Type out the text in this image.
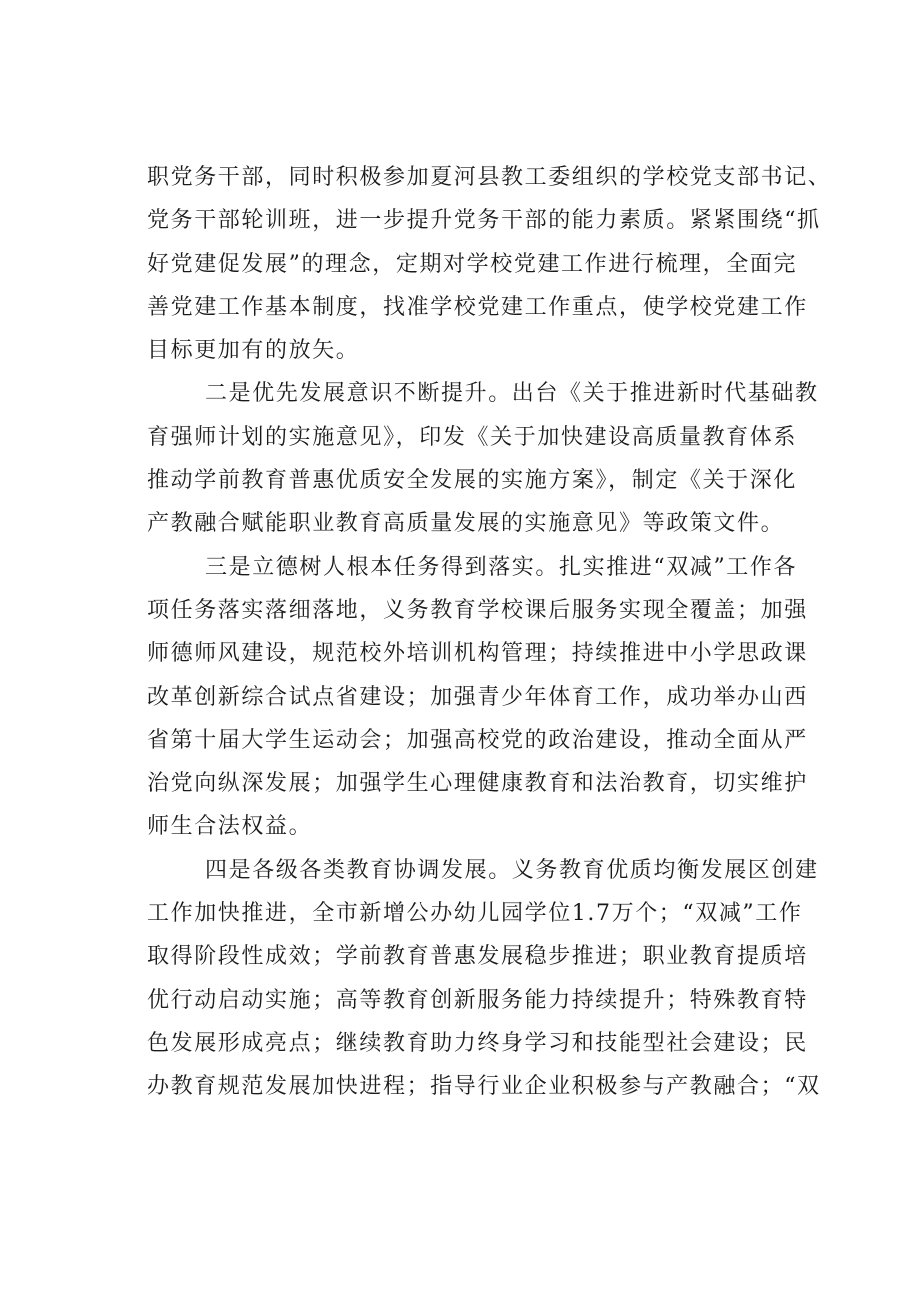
职党务干部，同时积极参加夏河县教工委组织的学校党支部书记、
党务干部轮训班，进一步提升党务干部的能力素质。紧紧围绕“抓
好党建促发展”的理念，定期对学校党建工作进行梳理，全面完
善党建工作基本制度，找准学校党建工作重点，使学校党建工作
目标更加有的放矢。
二是优先发展意识不断提升。出台《关于推进新时代基础教
育强师计划的实施意见》，印发《关于加快建设高质量教育体系
推动学前教育普惠优质安全发展的实施方案》，制定《关于深化
产教融合赋能职业教育高质量发展的实施意见》等政策文件。
三是立德树人根本任务得到落实。扎实推进“双减”工作各
项任务落实落细落地，义务教育学校课后服务实现全覆盖；加强
师德师风建设，规范校外培训机构管理；持续推进中小学思政课
改革创新综合试点省建设；加强青少年体育工作，成功举办山西
省第十届大学生运动会；加强高校党的政治建设，推动全面从严
治党向纵深发展；加强学生心理健康教育和法治教育，切实维护
师生合法权益。
四是各级各类教育协调发展。义务教育优质均衡发展区创建
工作加快推进，全市新增公办幼儿园学位1.7万个；“双减”工作
取得阶段性成效；学前教育普惠发展稳步推进；职业教育提质培
优行动启动实施；高等教育创新服务能力持续提升；特殊教育特
色发展形成亮点；继续教育助力终身学习和技能型社会建设；民
办教育规范发展加快进程；指导行业企业积极参与产教融合；“双
